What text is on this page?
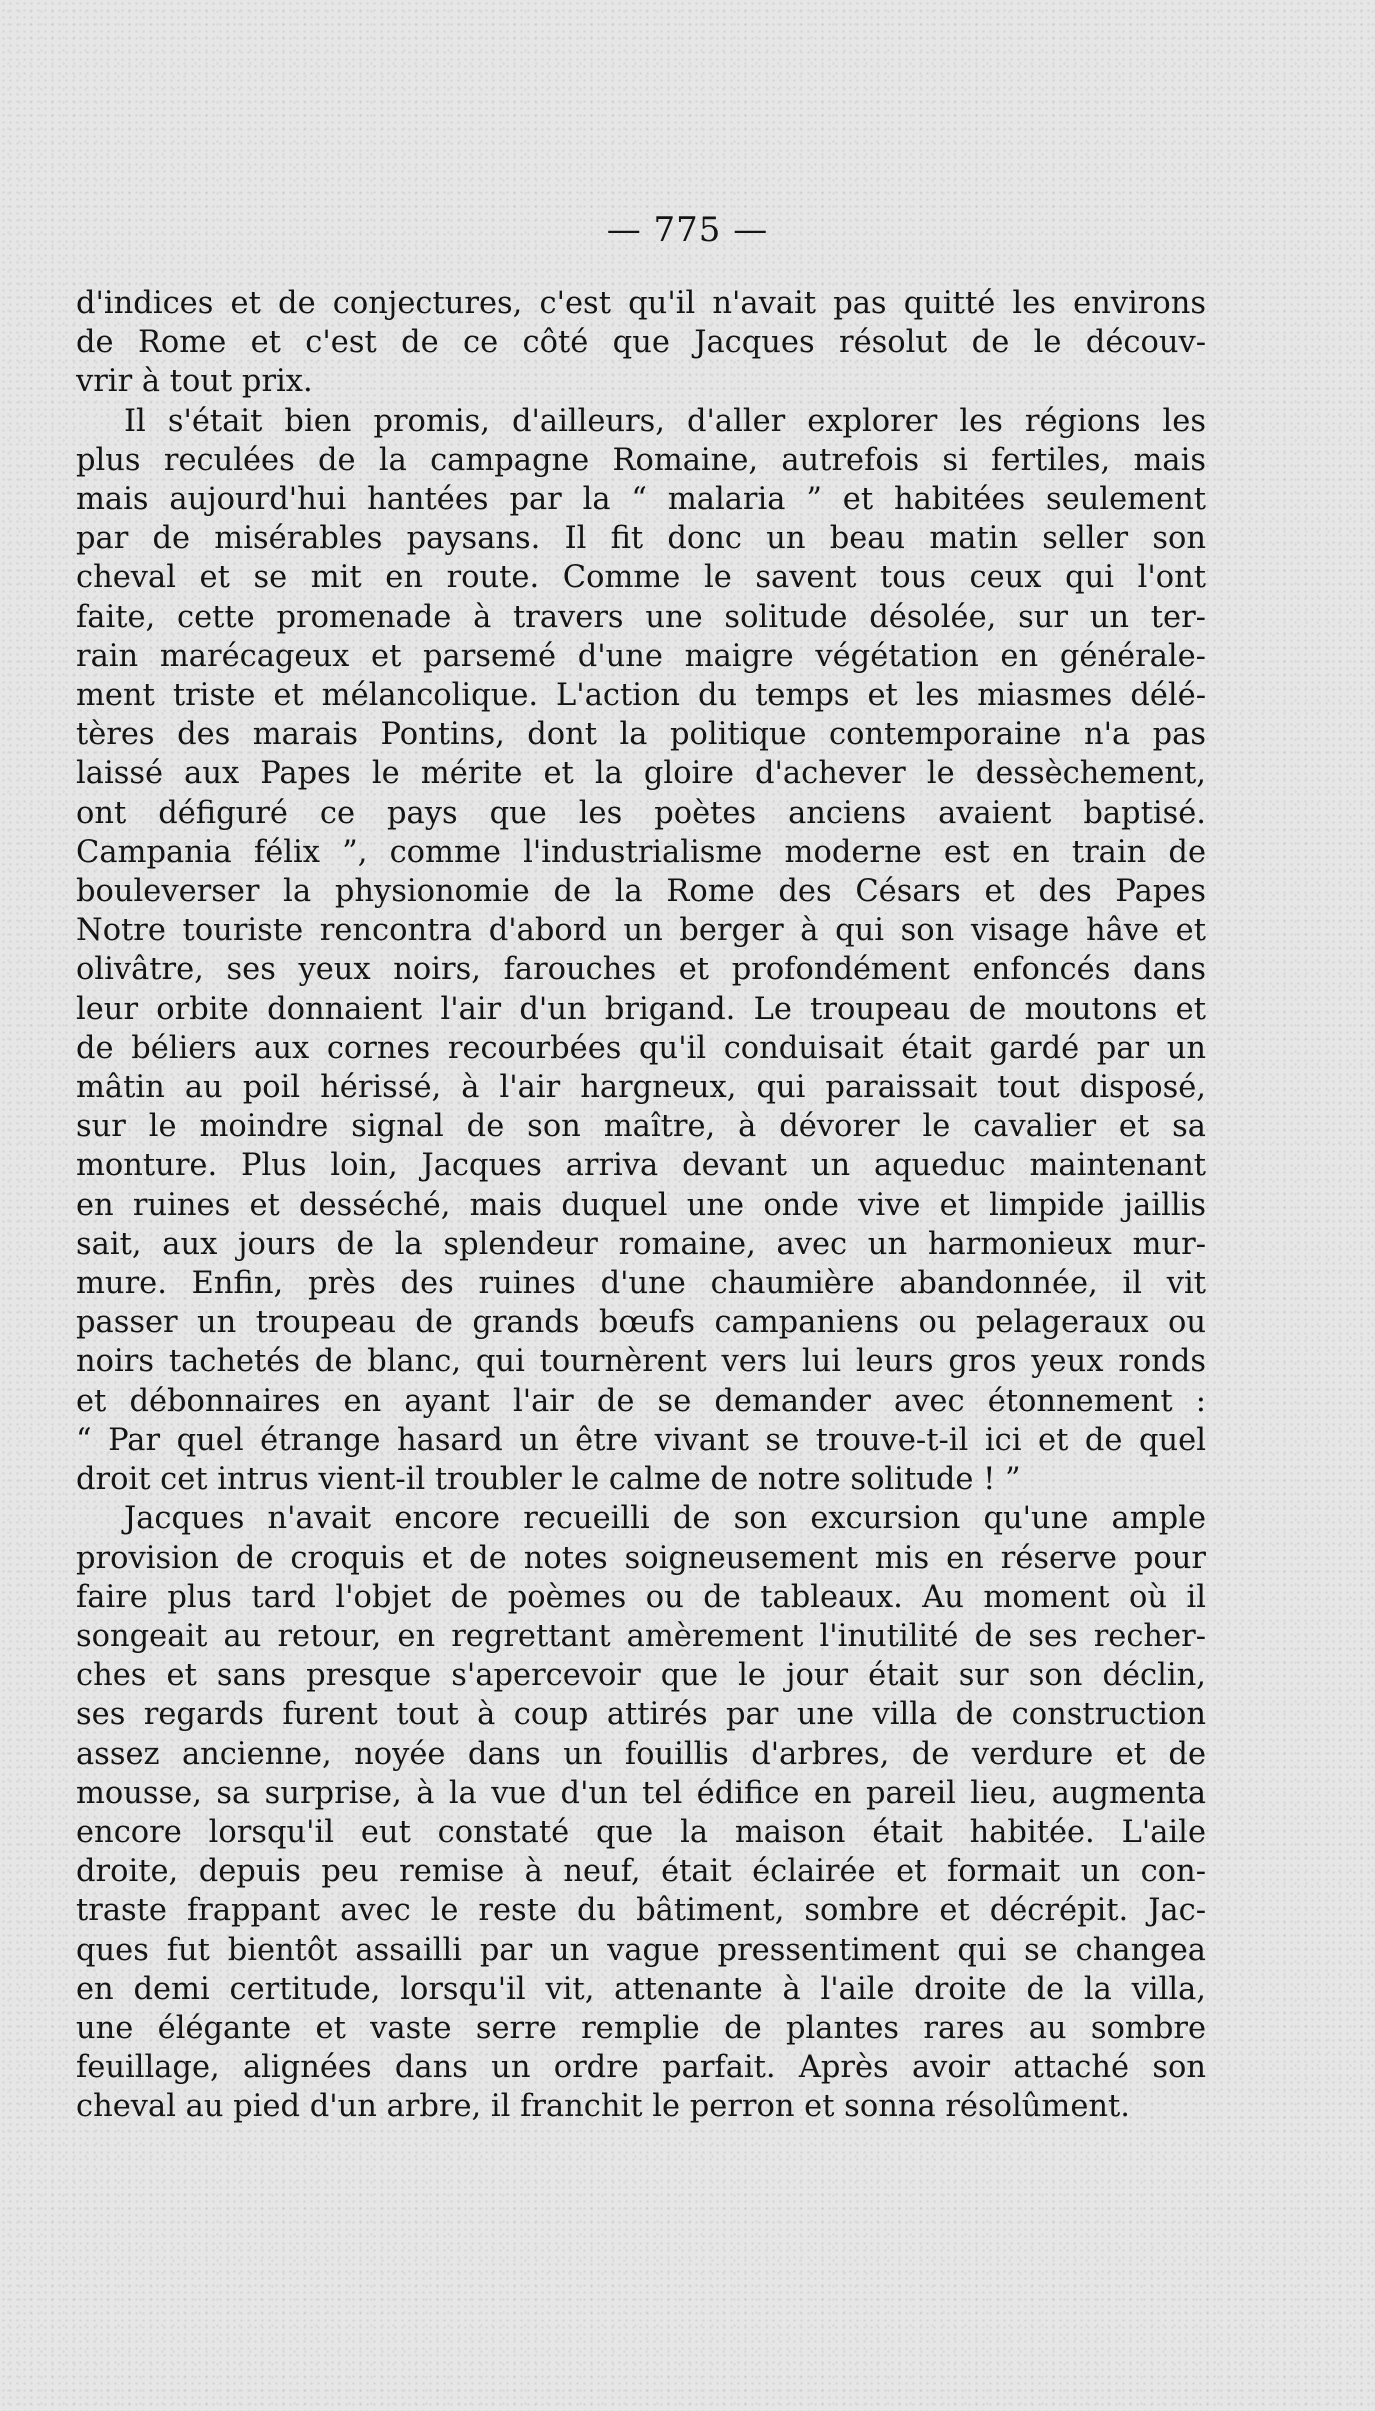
— 775 —

d'indices et de conjectures, c'est qu'il n'avait pas quitté les environs
de Rome et c'est de ce côté que Jacques résolut de le découv-
vrir à tout prix.

Il s'était bien promis, d'ailleurs, d'aller explorer les régions les
plus reculées de la campagne Romaine, autrefois si fertiles, mais
mais aujourd'hui hantées par la “ malaria ” et habitées seulement
par de misérables paysans. Il fit donc un beau matin seller son
cheval et se mit en route. Comme le savent tous ceux qui l'ont
faite, cette promenade à travers une solitude désolée, sur un ter-
rain marécageux et parsemé d'une maigre végétation en générale-
ment triste et mélancolique. L'action du temps et les miasmes délé-
tères des marais Pontins, dont la politique contemporaine n'a pas
laissé aux Papes le mérite et la gloire d'achever le dessèchement,
ont défiguré ce pays que les poètes anciens avaient baptisé.
Campania félix ”, comme l'industrialisme moderne est en train de
bouleverser la physionomie de la Rome des Césars et des Papes
Notre touriste rencontra d'abord un berger à qui son visage hâve et
olivâtre, ses yeux noirs, farouches et profondément enfoncés dans
leur orbite donnaient l'air d'un brigand. Le troupeau de moutons et
de béliers aux cornes recourbées qu'il conduisait était gardé par un
mâtin au poil hérissé, à l'air hargneux, qui paraissait tout disposé,
sur le moindre signal de son maître, à dévorer le cavalier et sa
monture. Plus loin, Jacques arriva devant un aqueduc maintenant
en ruines et desséché, mais duquel une onde vive et limpide jaillis
sait, aux jours de la splendeur romaine, avec un harmonieux mur-
mure. Enfin, près des ruines d'une chaumière abandonnée, il vit
passer un troupeau de grands bœufs campaniens ou pelageraux ou
noirs tachetés de blanc, qui tournèrent vers lui leurs gros yeux ronds
et débonnaires en ayant l'air de se demander avec étonnement :
“ Par quel étrange hasard un être vivant se trouve-t-il ici et de quel
droit cet intrus vient-il troubler le calme de notre solitude ! ”

Jacques n'avait encore recueilli de son excursion qu'une ample
provision de croquis et de notes soigneusement mis en réserve pour
faire plus tard l'objet de poèmes ou de tableaux. Au moment où il
songeait au retour, en regrettant amèrement l'inutilité de ses recher-
ches et sans presque s'apercevoir que le jour était sur son déclin,
ses regards furent tout à coup attirés par une villa de construction
assez ancienne, noyée dans un fouillis d'arbres, de verdure et de
mousse, sa surprise, à la vue d'un tel édifice en pareil lieu, augmenta
encore lorsqu'il eut constaté que la maison était habitée. L'aile
droite, depuis peu remise à neuf, était éclairée et formait un con-
traste frappant avec le reste du bâtiment, sombre et décrépit. Jac-
ques fut bientôt assailli par un vague pressentiment qui se changea
en demi certitude, lorsqu'il vit, attenante à l'aile droite de la villa,
une élégante et vaste serre remplie de plantes rares au sombre
feuillage, alignées dans un ordre parfait. Après avoir attaché son
cheval au pied d'un arbre, il franchit le perron et sonna résolûment.
